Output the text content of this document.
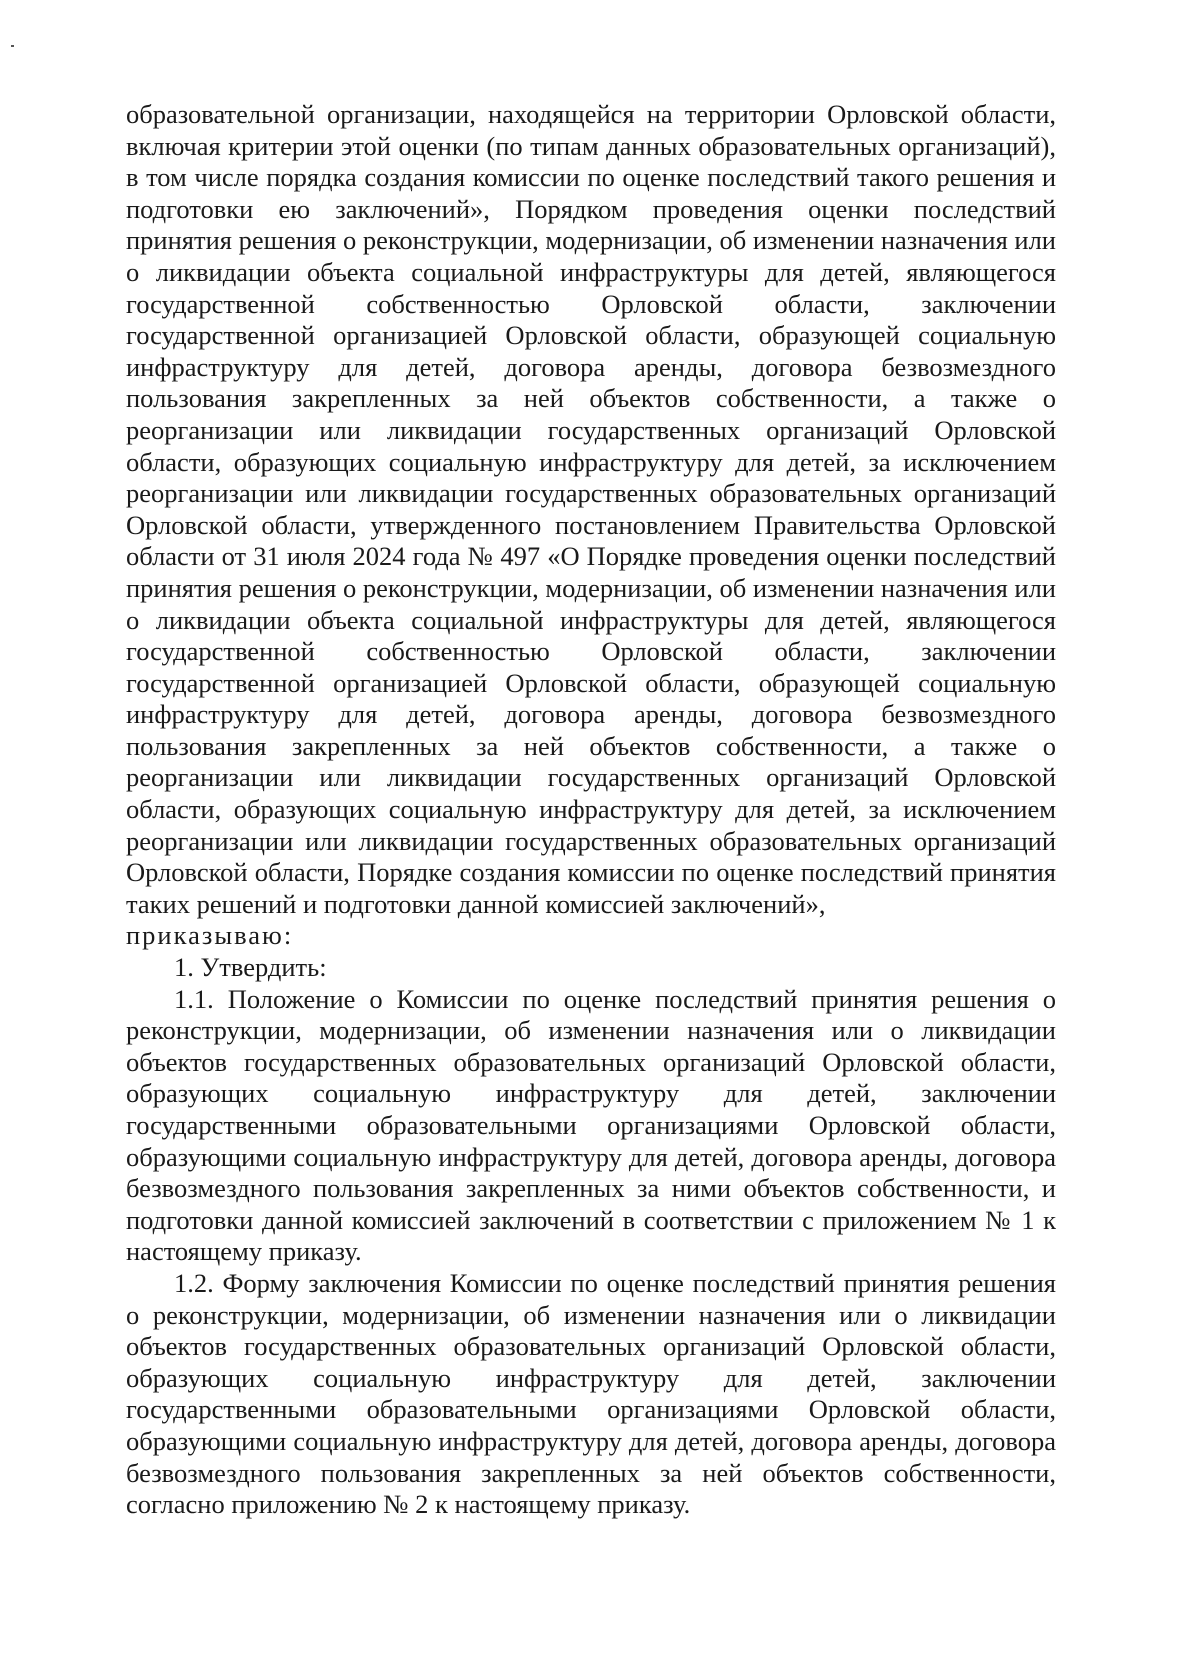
образовательной организации, находящейся на территории Орловской области, включая критерии этой оценки (по типам данных образовательных организаций), в том числе порядка создания комиссии по оценке последствий такого решения и подготовки ею заключений», Порядком проведения оценки последствий принятия решения о реконструкции, модернизации, об изменении назначения или о ликвидации объекта социальной инфраструктуры для детей, являющегося государственной собственностью Орловской области, заключении государственной организацией Орловской области, образующей социальную инфраструктуру для детей, договора аренды, договора безвозмездного пользования закрепленных за ней объектов собственности, а также о реорганизации или ликвидации государственных организаций Орловской области, образующих социальную инфраструктуру для детей, за исключением реорганизации или ликвидации государственных образовательных организаций Орловской области, утвержденного постановлением Правительства Орловской области от 31 июля 2024 года № 497 «О Порядке проведения оценки последствий принятия решения о реконструкции, модернизации, об изменении назначения или о ликвидации объекта социальной инфраструктуры для детей, являющегося государственной собственностью Орловской области, заключении государственной организацией Орловской области, образующей социальную инфраструктуру для детей, договора аренды, договора безвозмездного пользования закрепленных за ней объектов собственности, а также о реорганизации или ликвидации государственных организаций Орловской области, образующих социальную инфраструктуру для детей, за исключением реорганизации или ликвидации государственных образовательных организаций Орловской области, Порядке создания комиссии по оценке последствий принятия таких решений и подготовки данной комиссией заключений»,
приказываю:

1. Утвердить:

1.1. Положение о Комиссии по оценке последствий принятия решения о реконструкции, модернизации, об изменении назначения или о ликвидации объектов государственных образовательных организаций Орловской области, образующих социальную инфраструктуру для детей, заключении государственными образовательными организациями Орловской области, образующими социальную инфраструктуру для детей, договора аренды, договора безвозмездного пользования закрепленных за ними объектов собственности, и подготовки данной комиссией заключений в соответствии с приложением № 1 к настоящему приказу.

1.2. Форму заключения Комиссии по оценке последствий принятия решения о реконструкции, модернизации, об изменении назначения или о ликвидации объектов государственных образовательных организаций Орловской области, образующих социальную инфраструктуру для детей, заключении государственными образовательными организациями Орловской области, образующими социальную инфраструктуру для детей, договора аренды, договора безвозмездного пользования закрепленных за ней объектов собственности, согласно приложению № 2 к настоящему приказу.
